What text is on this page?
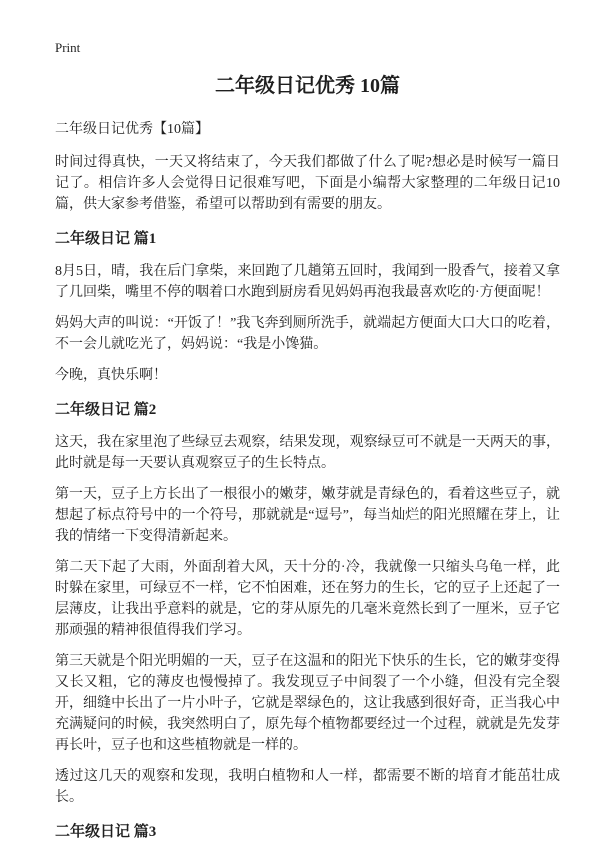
Print
二年级日记优秀 10篇

二年级日记优秀【10篇】

时间过得真快，一天又将结束了，今天我们都做了什么了呢?想必是时候写一篇日记了。相信许多人会觉得日记很难写吧，下面是小编帮大家整理的二年级日记10篇，供大家参考借鉴，希望可以帮助到有需要的朋友。

二年级日记 篇1

8月5日，晴，我在后门拿柴，来回跑了几趟第五回时，我闻到一股香气，接着又拿了几回柴，嘴里不停的咽着口水跑到厨房看见妈妈再泡我最喜欢吃的·方便面呢！

妈妈大声的叫说：“开饭了！”我飞奔到厕所洗手，就端起方便面大口大口的吃着，不一会儿就吃光了，妈妈说：“我是小馋猫。

今晚，真快乐啊！

二年级日记 篇2

这天，我在家里泡了些绿豆去观察，结果发现，观察绿豆可不就是一天两天的事，此时就是每一天要认真观察豆子的生长特点。

第一天，豆子上方长出了一根很小的嫩芽，嫩芽就是青绿色的，看着这些豆子，就想起了标点符号中的一个符号，那就就是“逗号”，每当灿烂的阳光照耀在芽上，让我的情绪一下变得清新起来。

第二天下起了大雨，外面刮着大风，天十分的·冷，我就像一只缩头乌龟一样，此时躲在家里，可绿豆不一样，它不怕困难，还在努力的生长，它的豆子上还起了一层薄皮，让我出乎意料的就是，它的芽从原先的几毫米竟然长到了一厘米，豆子它那顽强的精神很值得我们学习。

第三天就是个阳光明媚的一天，豆子在这温和的阳光下快乐的生长，它的嫩芽变得又长又粗，它的薄皮也慢慢掉了。我发现豆子中间裂了一个小缝，但没有完全裂开，细缝中长出了一片小叶子，它就是翠绿色的，这让我感到很好奇，正当我心中充满疑问的时候，我突然明白了，原先每个植物都要经过一个过程，就就是先发芽再长叶，豆子也和这些植物就是一样的。

透过这几天的观察和发现，我明白植物和人一样，都需要不断的培育才能茁壮成长。

二年级日记 篇3
